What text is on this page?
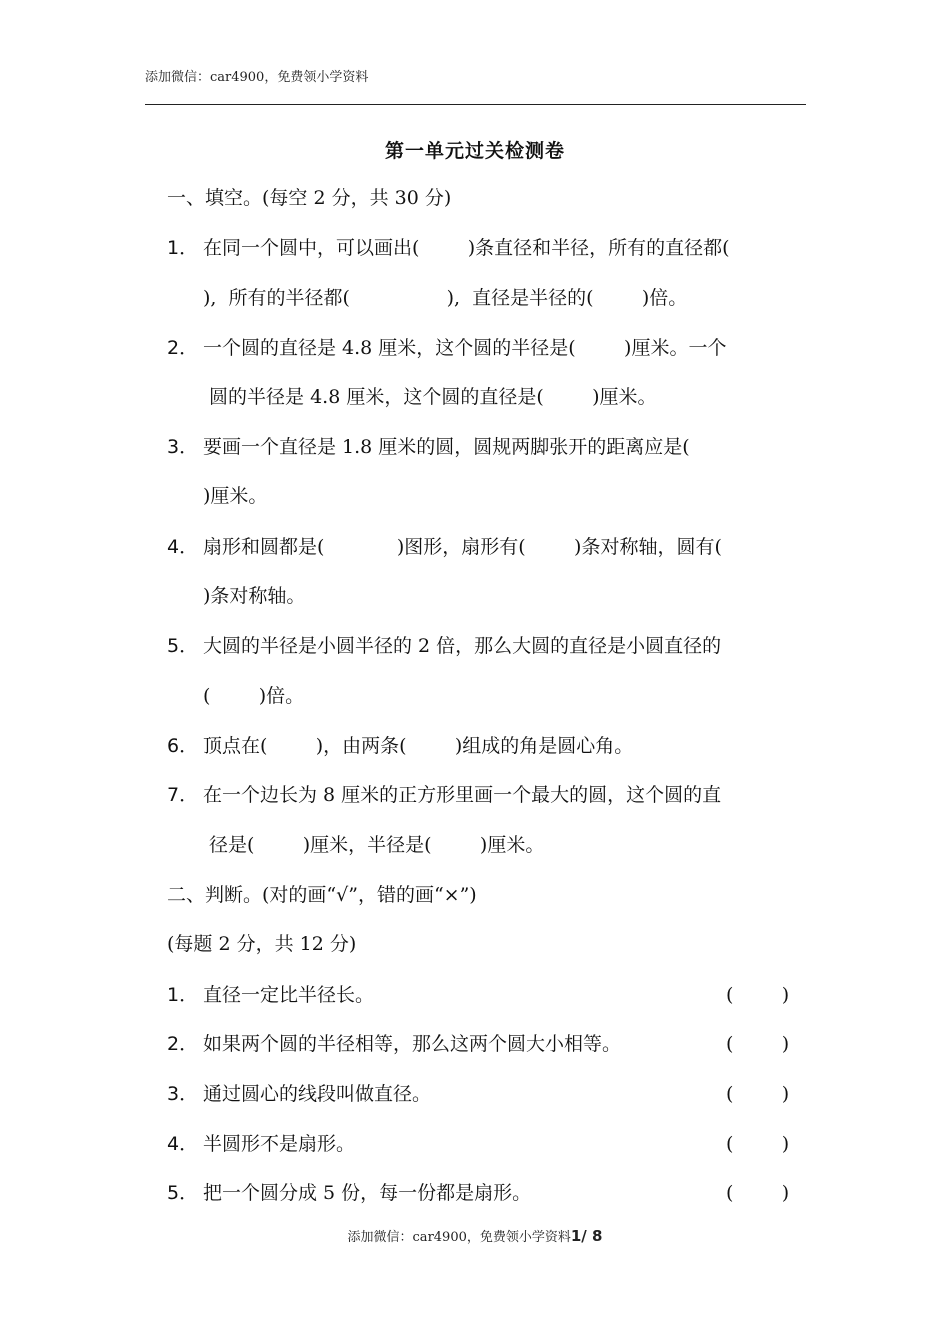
添加微信：car4900，免费领小学资料
第一单元过关检测卷
一、填空。(每空 2 分，共 30 分)
1． 在同一个圆中，可以画出(        )条直径和半径，所有的直径都(
),  所有的半径都(                ),  直径是半径的(        )倍。
2． 一个圆的直径是 4.8 厘米，这个圆的半径是(        )厘米。一个
圆的半径是 4.8 厘米，这个圆的直径是(        )厘米。
3． 要画一个直径是 1.8 厘米的圆，圆规两脚张开的距离应是(
)厘米。
4． 扇形和圆都是(            )图形，扇形有(        )条对称轴，圆有(
)条对称轴。
5． 大圆的半径是小圆半径的 2 倍，那么大圆的直径是小圆直径的
(        )倍。
6． 顶点在(        )，由两条(        )组成的角是圆心角。
7． 在一个边长为 8 厘米的正方形里画一个最大的圆，这个圆的直
径是(        )厘米，半径是(        )厘米。
二、判断。(对的画“√”，错的画“×”)
(每题 2 分，共 12 分)
1． 直径一定比半径长。	(        )
2． 如果两个圆的半径相等，那么这两个圆大小相等。	(        )
3． 通过圆心的线段叫做直径。	(        )
4． 半圆形不是扇形。	(        )
5． 把一个圆分成 5 份，每一份都是扇形。	(        )
添加微信：car4900，免费领小学资料1/ 8
